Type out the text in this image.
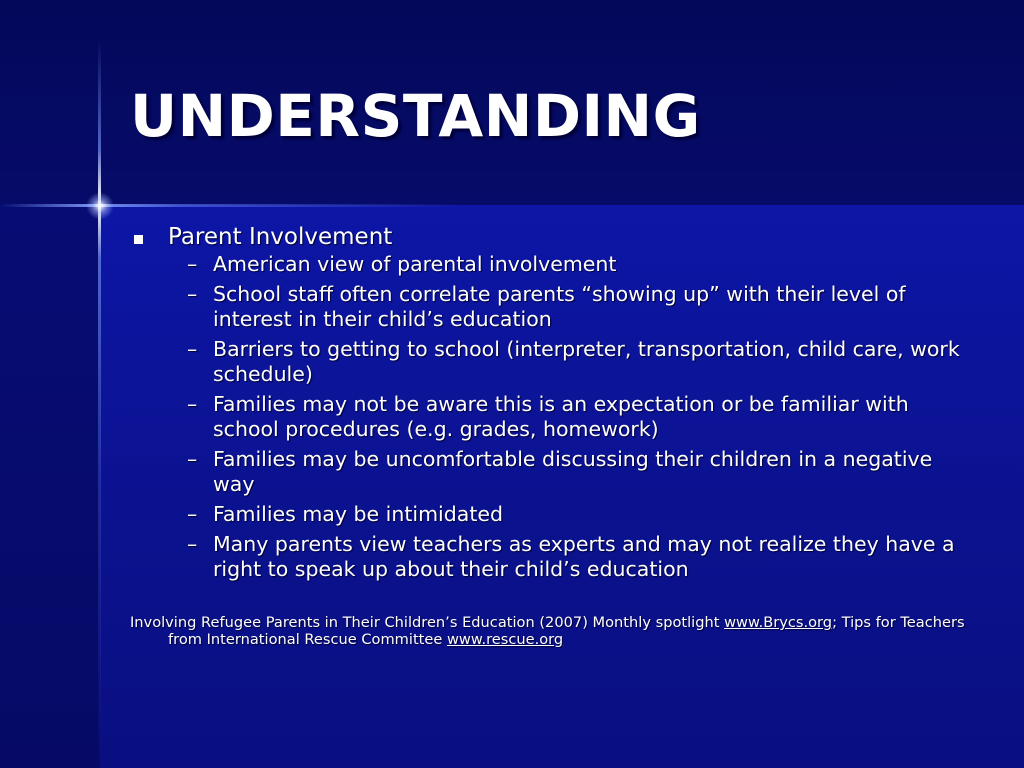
UNDERSTANDING
Parent Involvement
– American view of parental involvement
– School staff often correlate parents “showing up” with their level of interest in their child’s education
– Barriers to getting to school (interpreter, transportation, child care, work schedule)
– Families may not be aware this is an expectation or be familiar with school procedures (e.g. grades, homework)
– Families may be uncomfortable discussing their children in a negative way
– Families may be intimidated
– Many parents view teachers as experts and may not realize they have a right to speak up about their child’s education

Involving Refugee Parents in Their Children’s Education (2007) Monthly spotlight www.Brycs.org; Tips for Teachers from International Rescue Committee www.rescue.org
